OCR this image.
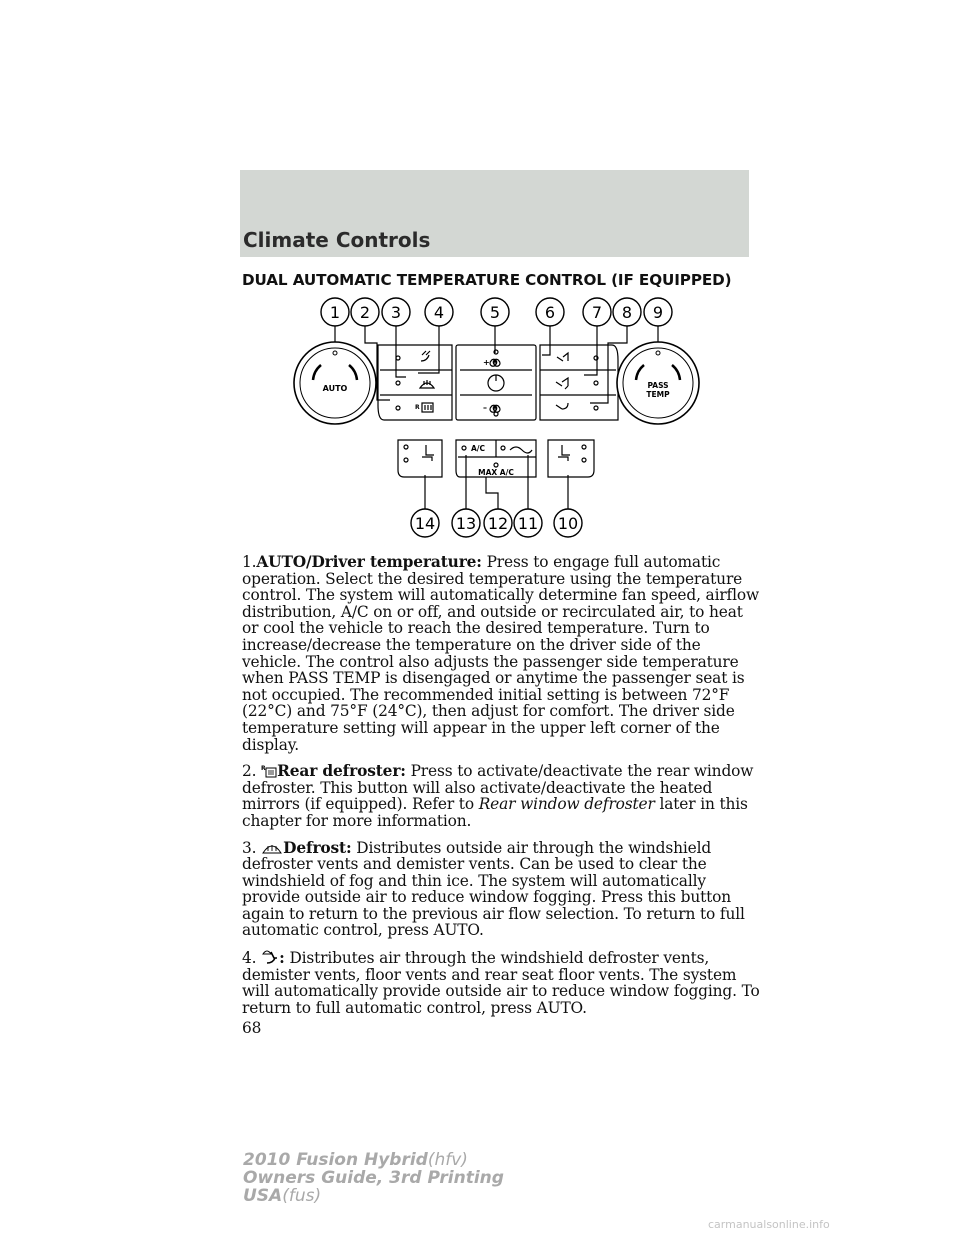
Climate Controls
DUAL AUTOMATIC TEMPERATURE CONTROL (IF EQUIPPED)
AUTO
R
+
–
PASS
TEMP
A/C
MAX A/C
1 2 3 4	5	6 7 8 9
14 13 12 11 10

1.AUTO/Driver temperature: Press to engage full automatic operation. Select the desired temperature using the temperature control. The system will automatically determine fan speed, airflow distribution, A/C on or off, and outside or recirculated air, to heat or cool the vehicle to reach the desired temperature. Turn to increase/decrease the temperature on the driver side of the vehicle. The control also adjusts the passenger side temperature when PASS TEMP is disengaged or anytime the passenger seat is not occupied. The recommended initial setting is between 72°F (22°C) and 75°F (24°C), then adjust for comfort. The driver side temperature setting will appear in the upper left corner of the display.

2. R Rear defroster: Press to activate/deactivate the rear window defroster. This button will also activate/deactivate the heated mirrors (if equipped). Refer to Rear window defroster later in this chapter for more information.

3. Defrost: Distributes outside air through the windshield defroster vents and demister vents. Can be used to clear the windshield of fog and thin ice. The system will automatically provide outside air to reduce window fogging. Press this button again to return to the previous air flow selection. To return to full automatic control, press AUTO.

4. : Distributes air through the windshield defroster vents, demister vents, floor vents and rear seat floor vents. The system will automatically provide outside air to reduce window fogging. To return to full automatic control, press AUTO.

68
2010 Fusion Hybrid(hfv)
Owners Guide, 3rd Printing
USA(fus)
carmanualsonline.info
